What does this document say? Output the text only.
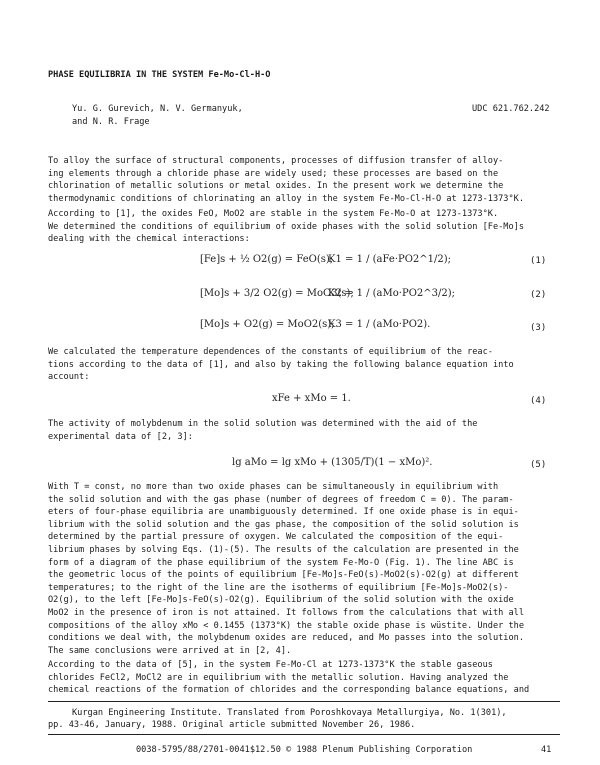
PHASE EQUILIBRIA IN THE SYSTEM Fe-Mo-Cl-H-O
Yu. G. Gurevich, N. V. Germanyuk,
and N. R. Frage
UDC 621.762.242
To alloy the surface of structural components, processes of diffusion transfer of alloy-
ing elements through a chloride phase are widely used; these processes are based on the
chlorination of metallic solutions or metal oxides. In the present work we determine the
thermodynamic conditions of chlorinating an alloy in the system Fe-Mo-Cl-H-O at 1273-1373°K.
According to [1], the oxides FeO, MoO2 are stable in the system Fe-Mo-O at 1273-1373°K.
We determined the conditions of equilibrium of oxide phases with the solid solution [Fe-Mo]s
dealing with the chemical interactions:
[Fe]s + ½ O2(g) = FeO(s);
K1 = 1 / (aFe·PO2^1/2);	(1)
[Mo]s + 3/2 O2(g) = MoO3(s);
K2 = 1 / (aMo·PO2^3/2);	(2)
[Mo]s + O2(g) = MoO2(s);
K3 = 1 / (aMo·PO2).	(3)
We calculated the temperature dependences of the constants of equilibrium of the reac-
tions according to the data of [1], and also by taking the following balance equation into
account:
xFe + xMo = 1.	(4)
The activity of molybdenum in the solid solution was determined with the aid of the
experimental data of [2, 3]:
lg aMo = lg xMo + (1305/T)(1 − xMo)².	(5)
With T = const, no more than two oxide phases can be simultaneously in equilibrium with
the solid solution and with the gas phase (number of degrees of freedom C = 0). The param-
eters of four-phase equilibria are unambiguously determined. If one oxide phase is in equi-
librium with the solid solution and the gas phase, the composition of the solid solution is
determined by the partial pressure of oxygen. We calculated the composition of the equi-
librium phases by solving Eqs. (1)-(5). The results of the calculation are presented in the
form of a diagram of the phase equilibrium of the system Fe-Mo-O (Fig. 1). The line ABC is
the geometric locus of the points of equilibrium [Fe-Mo]s-FeO(s)-MoO2(s)-O2(g) at different
temperatures; to the right of the line are the isotherms of equilibrium [Fe-Mo]s-MoO2(s)-
O2(g), to the left [Fe-Mo]s-FeO(s)-O2(g). Equilibrium of the solid solution with the oxide
MoO2 in the presence of iron is not attained. It follows from the calculations that with all
compositions of the alloy xMo < 0.1455 (1373°K) the stable oxide phase is wüstite. Under the
conditions we deal with, the molybdenum oxides are reduced, and Mo passes into the solution.
The same conclusions were arrived at in [2, 4].
According to the data of [5], in the system Fe-Mo-Cl at 1273-1373°K the stable gaseous
chlorides FeCl2, MoCl2 are in equilibrium with the metallic solution. Having analyzed the
chemical reactions of the formation of chlorides and the corresponding balance equations, and
Kurgan Engineering Institute. Translated from Poroshkovaya Metallurgiya, No. 1(301),
pp. 43-46, January, 1988. Original article submitted November 26, 1986.
0038-5795/88/2701-0041$12.50 © 1988 Plenum Publishing Corporation	41
